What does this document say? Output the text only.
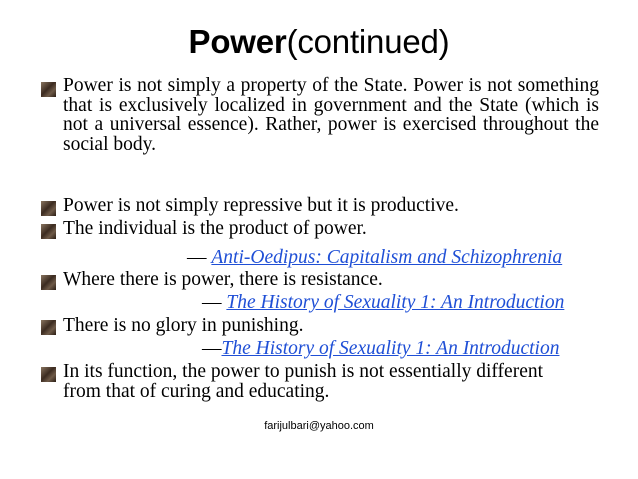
Power(continued)
Power is not simply a property of the State. Power is not something that is exclusively localized in government and the State (which is not a universal essence). Rather, power is exercised throughout the social body.
Power is not simply repressive but it is productive.
The individual is the product of power.
— Anti-Oedipus: Capitalism and Schizophrenia
Where there is power, there is resistance.
— The History of Sexuality 1: An Introduction
There is no glory in punishing.
—The History of Sexuality 1: An Introduction
In its function, the power to punish is not essentially different from that of curing and educating.
farijulbari@yahoo.com
